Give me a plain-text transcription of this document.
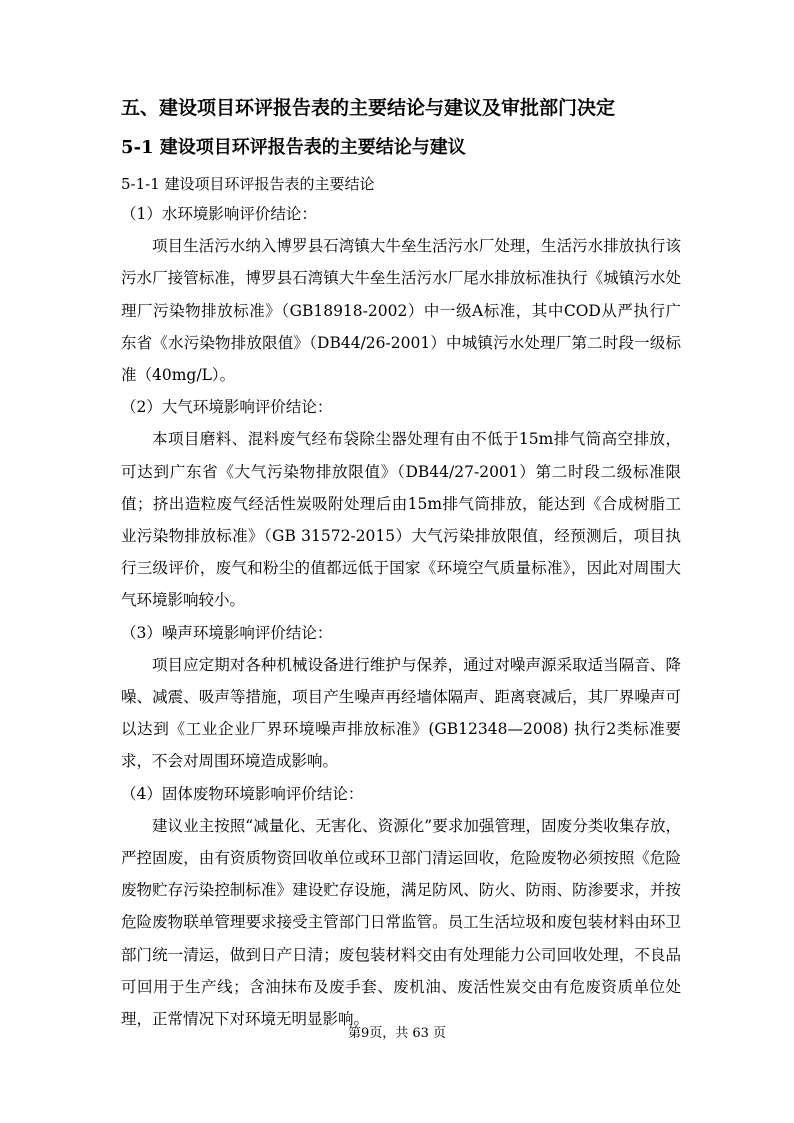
五、建设项目环评报告表的主要结论与建议及审批部门决定
5-1 建设项目环评报告表的主要结论与建议
5-1-1 建设项目环评报告表的主要结论

（1）水环境影响评价结论：

项目生活污水纳入博罗县石湾镇大牛垒生活污水厂处理，生活污水排放执行该污水厂接管标准，博罗县石湾镇大牛垒生活污水厂尾水排放标准执行《城镇污水处理厂污染物排放标准》（GB18918-2002）中一级A标准，其中COD从严执行广东省《水污染物排放限值》（DB44/26-2001）中城镇污水处理厂第二时段一级标准（40mg/L）。

（2）大气环境影响评价结论：

本项目磨料、混料废气经布袋除尘器处理有由不低于15m排气筒高空排放，可达到广东省《大气污染物排放限值》（DB44/27-2001）第二时段二级标准限值；挤出造粒废气经活性炭吸附处理后由15m排气筒排放，能达到《合成树脂工业污染物排放标准》（GB 31572-2015）大气污染排放限值，经预测后，项目执行三级评价，废气和粉尘的值都远低于国家《环境空气质量标准》，因此对周围大气环境影响较小。

（3）噪声环境影响评价结论：

项目应定期对各种机械设备进行维护与保养，通过对噪声源采取适当隔音、降噪、减震、吸声等措施，项目产生噪声再经墙体隔声、距离衰减后，其厂界噪声可以达到《工业企业厂界环境噪声排放标准》(GB12348—2008) 执行2类标准要求，不会对周围环境造成影响。

（4）固体废物环境影响评价结论：

建议业主按照“减量化、无害化、资源化”要求加强管理，固废分类收集存放，严控固废，由有资质物资回收单位或环卫部门清运回收，危险废物必须按照《危险废物贮存污染控制标准》建设贮存设施，满足防风、防火、防雨、防渗要求，并按危险废物联单管理要求接受主管部门日常监管。员工生活垃圾和废包装材料由环卫部门统一清运，做到日产日清；废包装材料交由有处理能力公司回收处理，不良品可回用于生产线；含油抹布及废手套、废机油、废活性炭交由有危废资质单位处理，正常情况下对环境无明显影响。

第9页，共 63 页
